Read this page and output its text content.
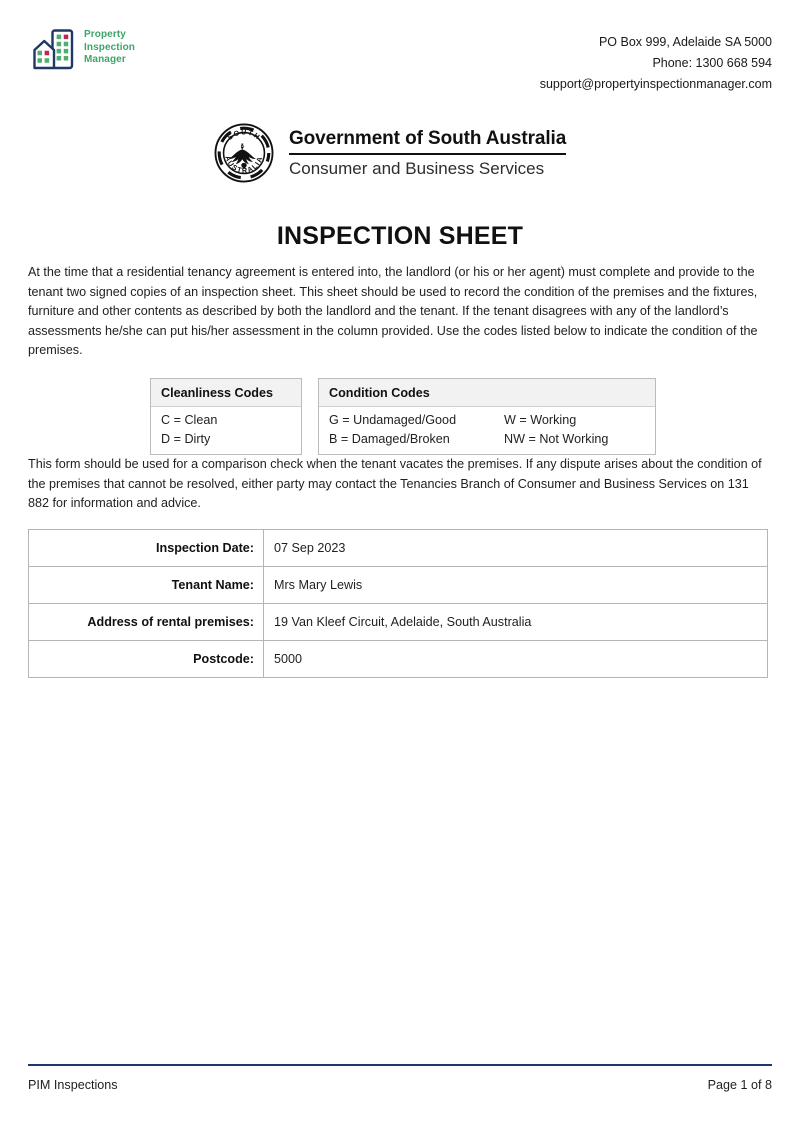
Property
Inspection
Manager
PO Box 999, Adelaide SA 5000
Phone: 1300 668 594
support@propertyinspectionmanager.com
SOUTH
AUSTRALIA
Government of South Australia
Consumer and Business Services
INSPECTION SHEET
At the time that a residential tenancy agreement is entered into, the landlord (or his or her agent) must complete and provide to the tenant two signed copies of an inspection sheet. This sheet should be used to record the condition of the premises and the fixtures, furniture and other contents as described by both the landlord and the tenant. If the tenant disagrees with any of the landlord’s assessments he/she can put his/her assessment in the column provided. Use the codes listed below to indicate the condition of the premises.
Cleanliness Codes
C = Clean
D = Dirty
Condition Codes
G = Undamaged/Good	W = Working
B = Damaged/Broken	NW = Not Working
This form should be used for a comparison check when the tenant vacates the premises. If any dispute arises about the condition of the premises that cannot be resolved, either party may contact the Tenancies Branch of Consumer and Business Services on 131 882 for information and advice.
Inspection Date:	07 Sep 2023
Tenant Name:	Mrs Mary Lewis
Address of rental premises:	19 Van Kleef Circuit, Adelaide, South Australia
Postcode:	5000
PIM Inspections	Page 1 of 8
